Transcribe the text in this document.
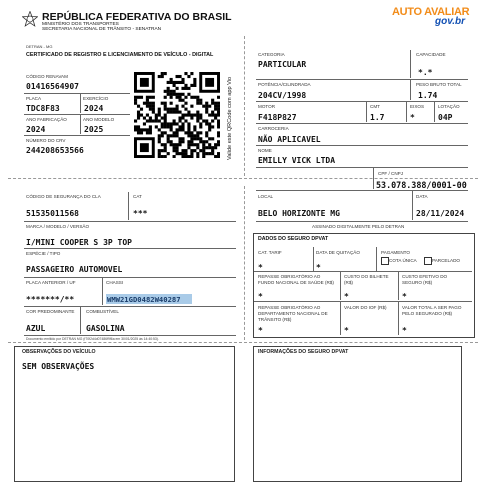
REPÚBLICA FEDERATIVA DO BRASIL
MINISTÉRIO DOS TRANSPORTES
SECRETARIA NACIONAL DE TRÂNSITO - SENATRAN
AUTO AVALIAR
gov.br
DETRAN - MG
CERTIFICADO DE REGISTRO E LICENCIAMENTO DE VEÍCULO - DIGITAL
CÓDIGO RENAVAM
01416564907
PLACA
TDC8F83
EXERCÍCIO
2024
ANO FABRICAÇÃO
2024
ANO MODELO
2025
NÚMERO DO CRV
244208653566	Valide este QRCode com app Vio
CÓDIGO DE SEGURANÇA DO CLA
51535011568
CAT
***
MARCA / MODELO / VERSÃO
I/MINI COOPER S 3P TOP
ESPÉCIE / TIPO
PASSAGEIRO AUTOMOVEL
PLACA ANTERIOR / UF
*******/**
CHASSI
WMW21GD0482W40287
COR PREDOMINANTE
AZUL
COMBUSTÍVEL
GASOLINA
Documento emitido por DETRAN MG (f70f2d4d07486f9f6a em 30/01/2025 às 14:40:53).
OBSERVAÇÕES DO VEÍCULO
SEM OBSERVAÇÕES
CATEGORIA
PARTICULAR
CAPACIDADE
*.*
POTÊNCIA/CILINDRADA
204CV/1998
PESO BRUTO TOTAL
1.74
MOTOR
F418P827
CMT
1.7
EIXOS
*
LOTAÇÃO
04P
CARROCERIA
NÃO APLICAVEL
NOME
EMILLY VICK LTDA
CPF / CNPJ
53.078.388/0001-00
LOCAL
BELO HORIZONTE MG
DATA
28/11/2024
ASSINADO DIGITALMENTE PELO DETRAN
DADOS DO SEGURO DPVAT
CAT. TARIF
*
DATA DE QUITAÇÃO
*
PAGAMENTO
COTA ÚNICA	PARCELADO
REPASSE OBRIGATÓRIO AO FUNDO NACIONAL DE SAÚDE (R$)
*
CUSTO DO BILHETE (R$)
*
CUSTO EFETIVO DO SEGURO (R$)
*
REPASSE OBRIGATÓRIO AO DEPARTAMENTO NACIONAL DE TRÂNSITO (R$)
*
VALOR DO IOF (R$)
*
VALOR TOTAL A SER PAGO PELO SEGURADO (R$)
*
INFORMAÇÕES DO SEGURO DPVAT
